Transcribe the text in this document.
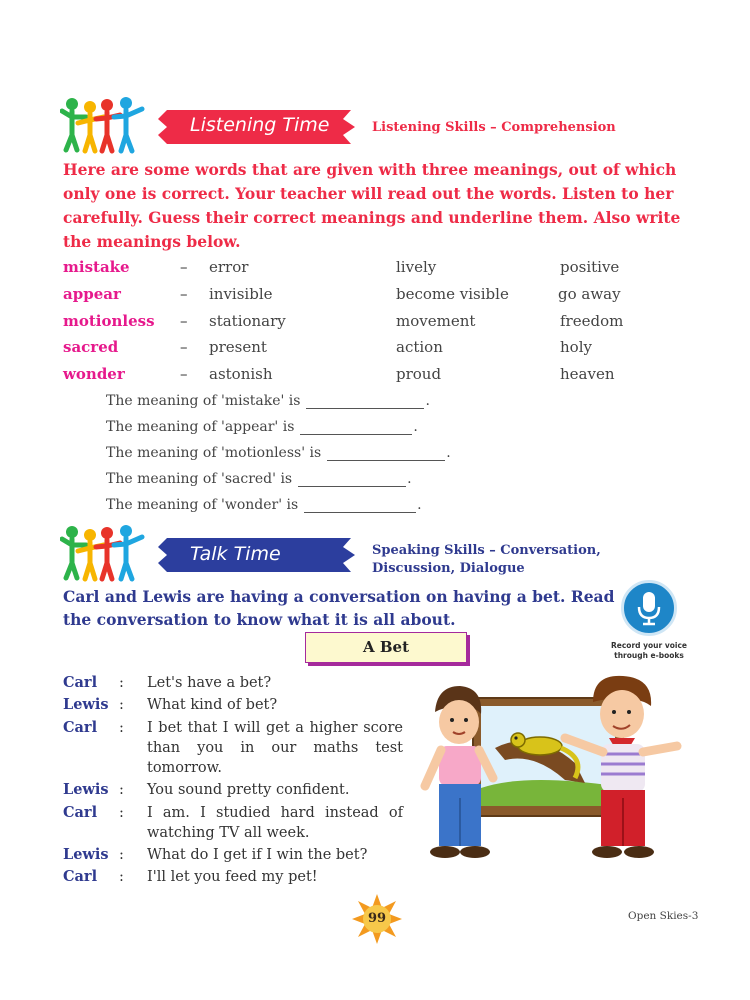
Listening Time	Listening Skills – Comprehension
Here are some words that are given with three meanings, out of which only one is correct. Your teacher will read out the words. Listen to her carefully. Guess their correct meanings and underline them. Also write the meanings below.
mistake	– error	lively	positive
appear	– invisible	become visible	go away
motionless – stationary	movement	freedom
sacred	– present	action	holy
wonder	– astonish	proud	heaven
The meaning of 'mistake' is	.
The meaning of 'appear' is	.
The meaning of 'motionless' is	.
The meaning of 'sacred' is	.
The meaning of 'wonder' is	.
Talk Time	Speaking Skills – Conversation,
Discussion, Dialogue
Carl and Lewis are having a conversation on having a bet. Read the conversation to know what it is all about.
Record your voice
through e-books
A Bet
Carl : Let's have a bet?
Lewis : What kind of bet?
Carl : I bet that I will get a higher score than you in our maths test tomorrow.
Lewis : You sound pretty confident.
Carl : I am. I studied hard instead of watching TV all week.
Lewis : What do I get if I win the bet?
Carl : I'll let you feed my pet!
99	Open Skies-3
